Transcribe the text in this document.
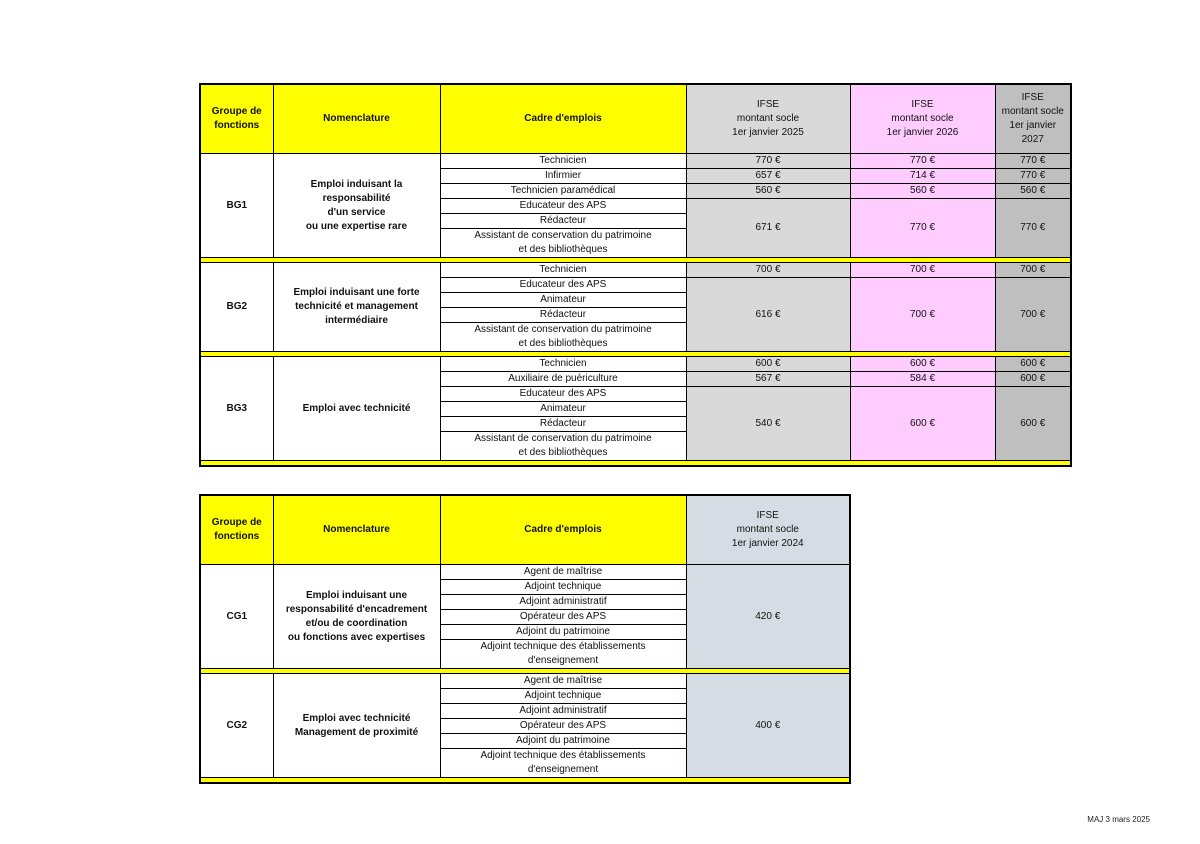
Groupe de
fonctions	Nomenclature	Cadre d'emplois	IFSE
montant socle
1er janvier 2025	IFSE
montant socle
1er janvier 2026	IFSE
montant socle
1er janvier
2027
BG1	Emploi induisant la responsabilité
d'un service
ou une expertise rare	Technicien	770 €	770 €	770 €
		Infirmier	657 €	714 €	770 €
		Technicien paramédical	560 €	560 €	560 €
		Educateur des APS	671 €	770 €	770 €
		Rédacteur			
		Assistant de conservation du patrimoine
et des bibliothèques			

BG2	Emploi induisant une forte
technicité et management
intermédiaire	Technicien	700 €	700 €	700 €
		Educateur des APS	616 €	700 €	700 €
		Animateur			
		Rédacteur			
		Assistant de conservation du patrimoine
et des bibliothèques			

BG3	Emploi avec technicité	Technicien	600 €	600 €	600 €
		Auxiliaire de puériculture	567 €	584 €	600 €
		Educateur des APS	540 €	600 €	600 €
		Animateur			
		Rédacteur			
		Assistant de conservation du patrimoine
et des bibliothèques			

Groupe de
fonctions	Nomenclature	Cadre d'emplois	IFSE
montant socle
1er janvier 2024
CG1	Emploi induisant une
responsabilité d'encadrement
et/ou de coordination
ou fonctions avec expertises	Agent de maîtrise	420 €
		Adjoint technique	
		Adjoint administratif	
		Opérateur des APS	
		Adjoint du patrimoine	
		Adjoint technique des établissements
d'enseignement	

CG2	Emploi avec technicité
Management de proximité	Agent de maîtrise	400 €
		Adjoint technique	
		Adjoint administratif	
		Opérateur des APS	
		Adjoint du patrimoine	
		Adjoint technique des établissements
d'enseignement	

MAJ 3 mars 2025
